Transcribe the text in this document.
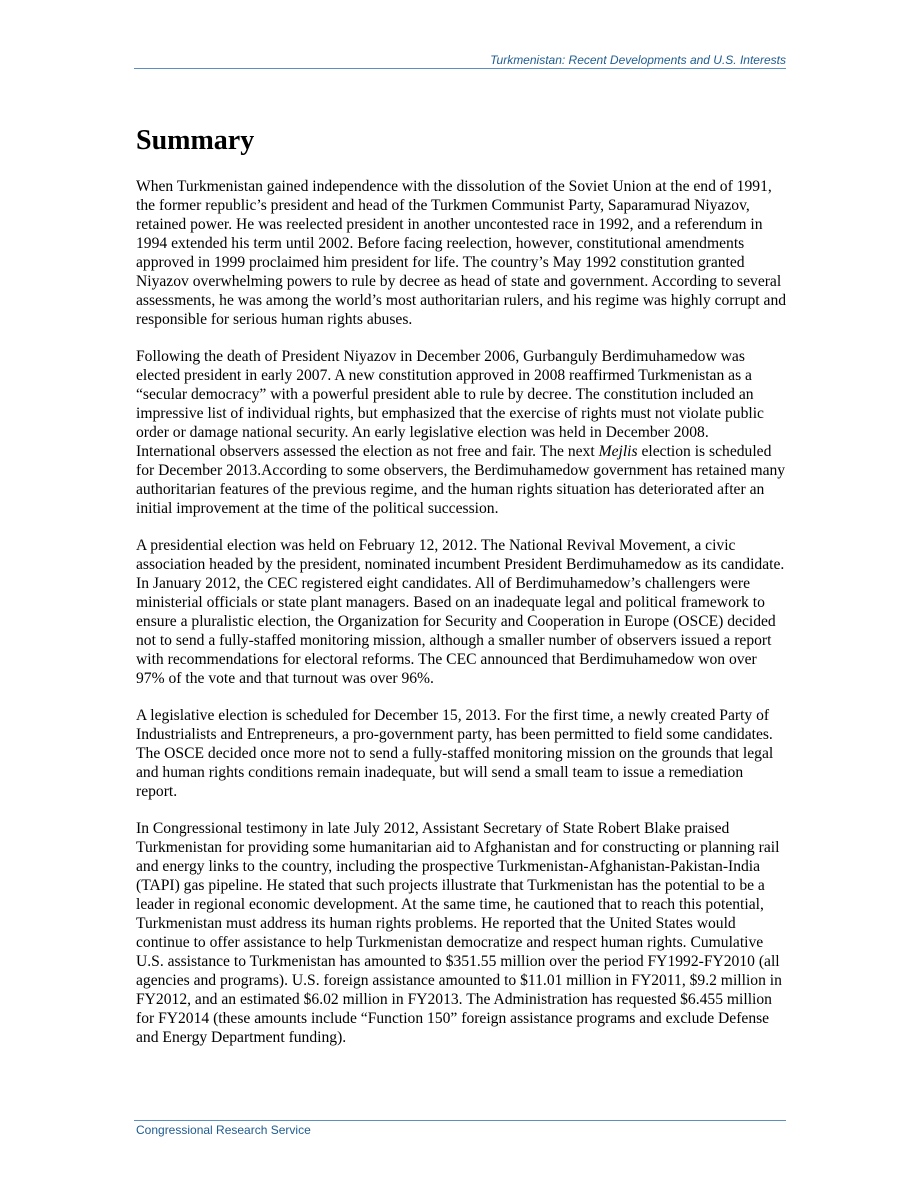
Turkmenistan: Recent Developments and U.S. Interests
Summary

When Turkmenistan gained independence with the dissolution of the Soviet Union at the end of 1991, the former republic’s president and head of the Turkmen Communist Party, Saparamurad Niyazov, retained power. He was reelected president in another uncontested race in 1992, and a referendum in 1994 extended his term until 2002. Before facing reelection, however, constitutional amendments approved in 1999 proclaimed him president for life. The country’s May 1992 constitution granted Niyazov overwhelming powers to rule by decree as head of state and government. According to several assessments, he was among the world’s most authoritarian rulers, and his regime was highly corrupt and responsible for serious human rights abuses.

Following the death of President Niyazov in December 2006, Gurbanguly Berdimuhamedow was elected president in early 2007. A new constitution approved in 2008 reaffirmed Turkmenistan as a “secular democracy” with a powerful president able to rule by decree. The constitution included an impressive list of individual rights, but emphasized that the exercise of rights must not violate public order or damage national security. An early legislative election was held in December 2008. International observers assessed the election as not free and fair. The next Mejlis election is scheduled for December 2013.According to some observers, the Berdimuhamedow government has retained many authoritarian features of the previous regime, and the human rights situation has deteriorated after an initial improvement at the time of the political succession.

A presidential election was held on February 12, 2012. The National Revival Movement, a civic association headed by the president, nominated incumbent President Berdimuhamedow as its candidate. In January 2012, the CEC registered eight candidates. All of Berdimuhamedow’s challengers were ministerial officials or state plant managers. Based on an inadequate legal and political framework to ensure a pluralistic election, the Organization for Security and Cooperation in Europe (OSCE) decided not to send a fully-staffed monitoring mission, although a smaller number of observers issued a report with recommendations for electoral reforms. The CEC announced that Berdimuhamedow won over 97% of the vote and that turnout was over 96%.

A legislative election is scheduled for December 15, 2013. For the first time, a newly created Party of Industrialists and Entrepreneurs, a pro-government party, has been permitted to field some candidates. The OSCE decided once more not to send a fully-staffed monitoring mission on the grounds that legal and human rights conditions remain inadequate, but will send a small team to issue a remediation report.

In Congressional testimony in late July 2012, Assistant Secretary of State Robert Blake praised Turkmenistan for providing some humanitarian aid to Afghanistan and for constructing or planning rail and energy links to the country, including the prospective Turkmenistan-Afghanistan-Pakistan-India (TAPI) gas pipeline. He stated that such projects illustrate that Turkmenistan has the potential to be a leader in regional economic development. At the same time, he cautioned that to reach this potential, Turkmenistan must address its human rights problems. He reported that the United States would continue to offer assistance to help Turkmenistan democratize and respect human rights. Cumulative U.S. assistance to Turkmenistan has amounted to $351.55 million over the period FY1992-FY2010 (all agencies and programs). U.S. foreign assistance amounted to $11.01 million in FY2011, $9.2 million in FY2012, and an estimated $6.02 million in FY2013. The Administration has requested $6.455 million for FY2014 (these amounts include “Function 150” foreign assistance programs and exclude Defense and Energy Department funding).

Congressional Research Service
